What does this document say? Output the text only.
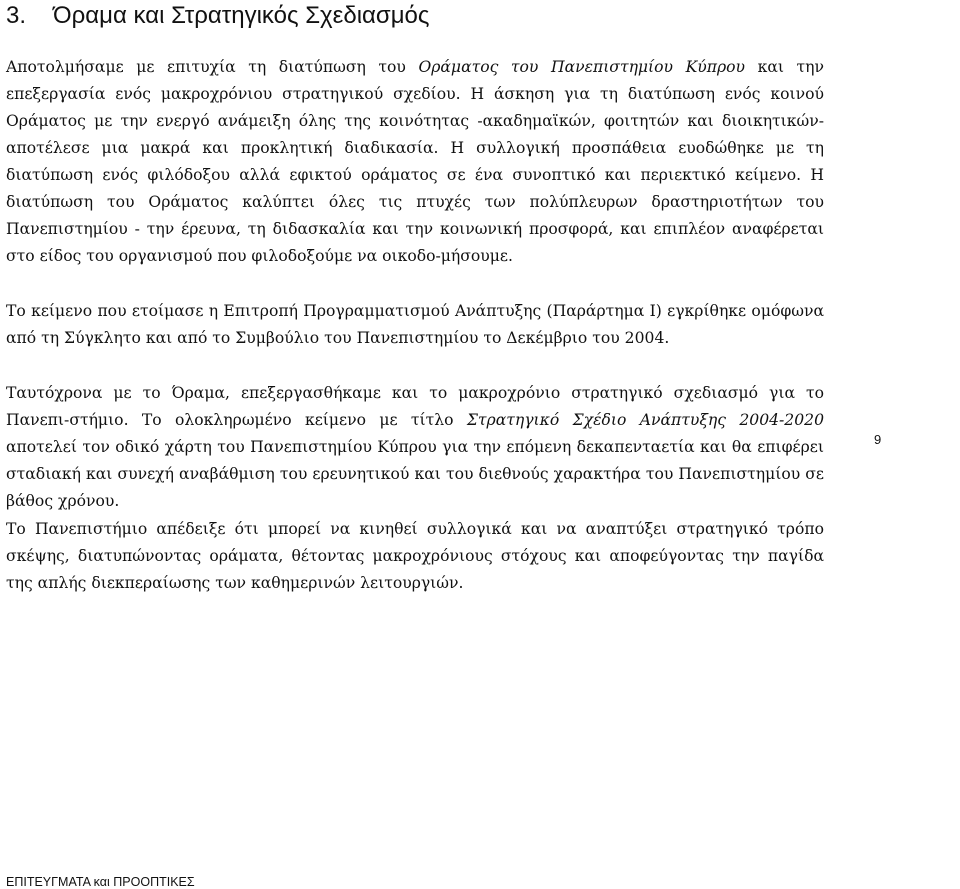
3. Όραμα και Στρατηγικός Σχεδιασμός

Αποτολμήσαμε με επιτυχία τη διατύπωση του Οράματος του Πανεπιστημίου Κύπρου και την επεξεργασία ενός μακροχρόνιου στρατηγικού σχεδίου. Η άσκηση για τη διατύπωση ενός κοινού Οράματος με την ενεργό ανάμειξη όλης της κοινότητας -ακαδημαϊκών, φοιτητών και διοικητικών- αποτέλεσε μια μακρά και προκλητική διαδικασία. Η συλλογική προσπάθεια ευοδώθηκε με τη διατύπωση ενός φιλόδοξου αλλά εφικτού οράματος σε ένα συνοπτικό και περιεκτικό κείμενο. Η διατύπωση του Οράματος καλύπτει όλες τις πτυχές των πολύπλευρων δραστηριοτήτων του Πανεπιστημίου - την έρευνα, τη διδασκαλία και την κοινωνική προσφορά, και επιπλέον αναφέρεται στο είδος του οργανισμού που φιλοδοξούμε να οικοδο-μήσουμε.

Το κείμενο που ετοίμασε η Επιτροπή Προγραμματισμού Ανάπτυξης (Παράρτημα Ι) εγκρίθηκε ομόφωνα από τη Σύγκλητο και από το Συμβούλιο του Πανεπιστημίου το Δεκέμβριο του 2004.

Ταυτόχρονα με το Όραμα, επεξεργασθήκαμε και το μακροχρόνιο στρατηγικό σχεδιασμό για το Πανεπι-στήμιο. Το ολοκληρωμένο κείμενο με τίτλο Στρατηγικό Σχέδιο Ανάπτυξης 2004-2020 αποτελεί τον οδικό χάρτη του Πανεπιστημίου Κύπρου για την επόμενη δεκαπενταετία και θα επιφέρει σταδιακή και συνεχή αναβάθμιση του ερευνητικού και του διεθνούς χαρακτήρα του Πανεπιστημίου σε βάθος χρόνου.

Το Πανεπιστήμιο απέδειξε ότι μπορεί να κινηθεί συλλογικά και να αναπτύξει στρατηγικό τρόπο σκέψης, διατυπώνοντας οράματα, θέτοντας μακροχρόνιους στόχους και αποφεύγοντας την παγίδα της απλής διεκπεραίωσης των καθημερινών λειτουργιών.

9
ΕΠΙΤΕΥΓΜΑΤΑ και ΠΡΟΟΠΤΙΚΕΣ
